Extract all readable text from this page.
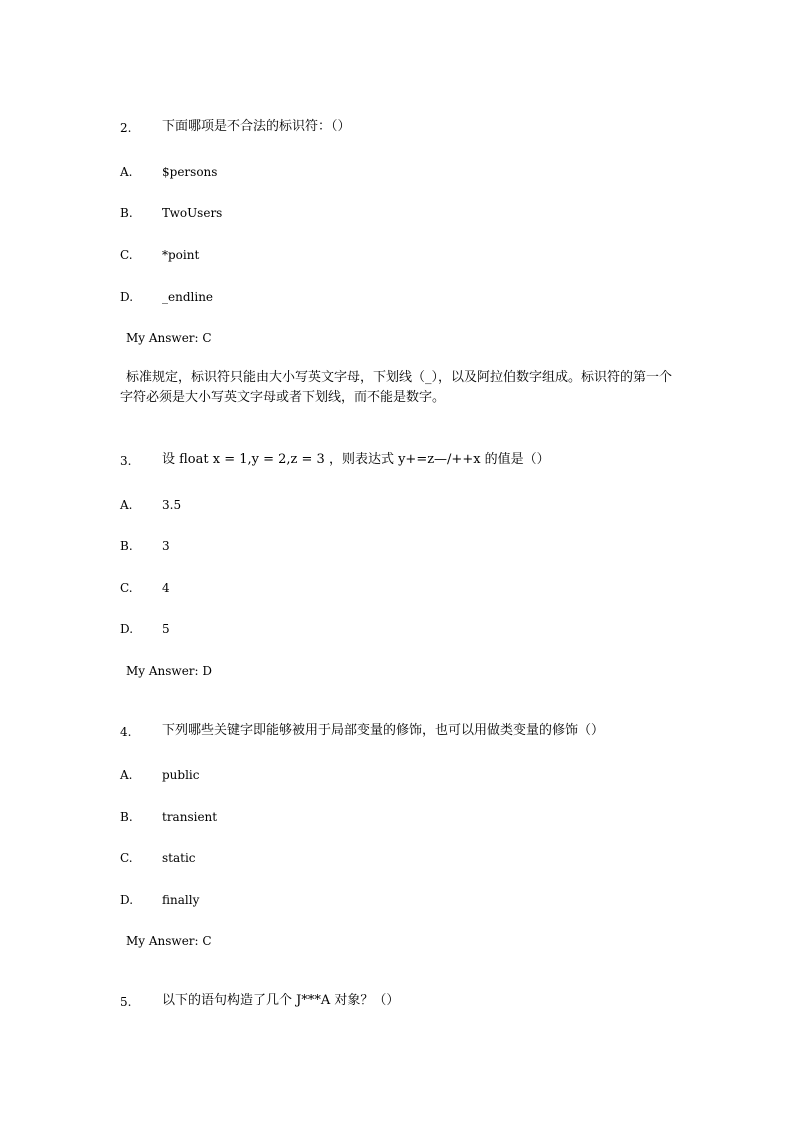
2. 下面哪项是不合法的标识符：（）
A. $persons
B. TwoUsers
C. *point
D. _endline
My Answer: C
标准规定，标识符只能由大小写英文字母，下划线（_），以及阿拉伯数字组成。标识符的第一个字符必须是大小写英文字母或者下划线，而不能是数字。
3. 设 float x = 1,y = 2,z = 3 ，则表达式 y+=z—/++x 的值是（）
A. 3.5
B. 3
C. 4
D. 5
My Answer: D
4. 下列哪些关键字即能够被用于局部变量的修饰，也可以用做类变量的修饰（）
A. public
B. transient
C. static
D. finally
My Answer: C
5. 以下的语句构造了几个 J***A 对象？（）
